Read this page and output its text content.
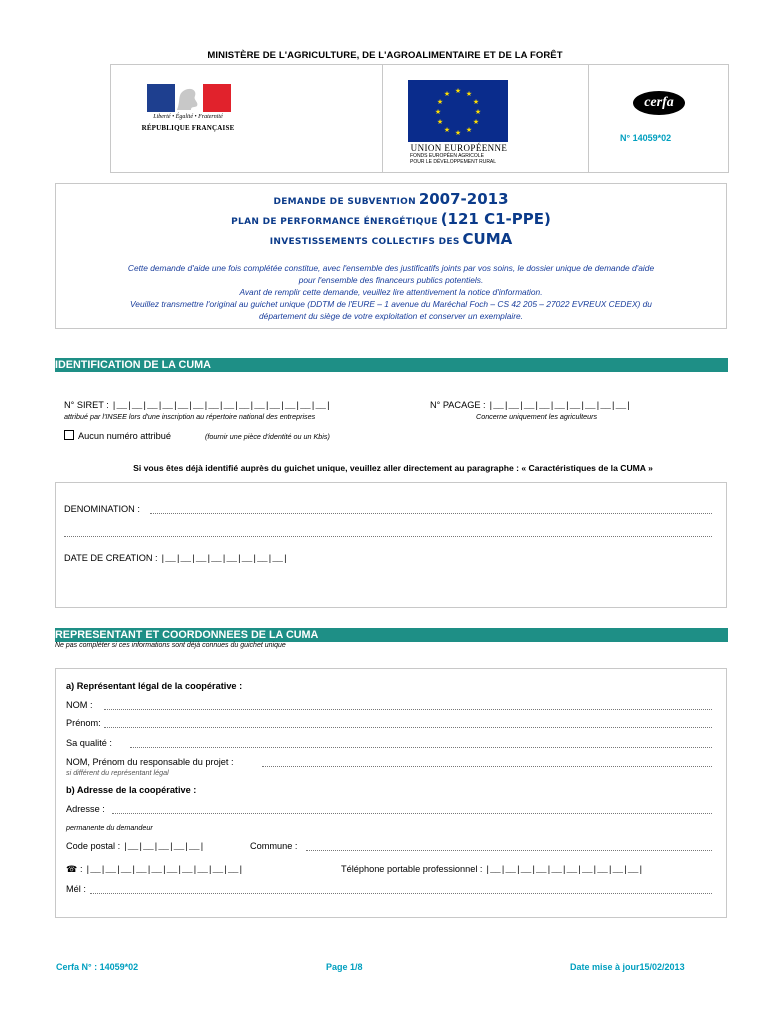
MINISTÈRE DE L'AGRICULTURE, DE L'AGROALIMENTAIRE ET DE LA FORÊT
Liberté • Égalité • Fraternité
RÉPUBLIQUE FRANÇAISE
★ ★
★
★
★
★
★
★
★
★
★
★
UNION EUROPÉENNE
FONDS EUROPÉEN AGRICOLE
POUR LE DÉVELOPPEMENT RURAL
cerfa
N° 14059*02
DEMANDE DE SUBVENTION 2007-2013
PLAN DE PERFORMANCE ÉNERGÉTIQUE (121 C1-PPE)
INVESTISSEMENTS COLLECTIFS DES CUMA
Cette demande d'aide une fois complétée constitue, avec l'ensemble des justificatifs joints par vos soins, le dossier unique de demande d'aide
pour l'ensemble des financeurs publics potentiels.
Avant de remplir cette demande, veuillez lire attentivement la notice d'information.
Veuillez transmettre l'original au guichet unique (DDTM de l'EURE – 1 avenue du Maréchal Foch – CS 42 205 – 27022 EVREUX CEDEX) du
département du siège de votre exploitation et conserver un exemplaire.
IDENTIFICATION DE LA CUMA
N° SIRET : |__|__|__|__|__|__|__|__|__|__|__|__|__|__|
attribué par l'INSEE lors d'une inscription au répertoire national des entreprises
N° PACAGE : |__|__|__|__|__|__|__|__|__|
Concerne uniquement les agriculteurs
Aucun numéro attribué	(fournir une pièce d'identité ou un Kbis)
Si vous êtes déjà identifié auprès du guichet unique, veuillez aller directement au paragraphe : « Caractéristiques de la CUMA »
DENOMINATION :
DATE DE CREATION : |__|__|__|__|__|__|__|__|
REPRESENTANT ET COORDONNEES DE LA CUMA
Ne pas compléter si ces informations sont déjà connues du guichet unique
a) Représentant légal de la coopérative :
NOM :
Prénom:
Sa qualité :
NOM, Prénom du responsable du projet :
si différent du représentant légal
b) Adresse de la coopérative :
Adresse :
permanente du demandeur
Code postal : |__|__|__|__|__|	Commune :
☎ : |__|__|__|__|__|__|__|__|__|__|	Téléphone portable professionnel : |__|__|__|__|__|__|__|__|__|__|
Mél :
Cerfa N° : 14059*02	Page 1/8	Date mise à jour15/02/2013
